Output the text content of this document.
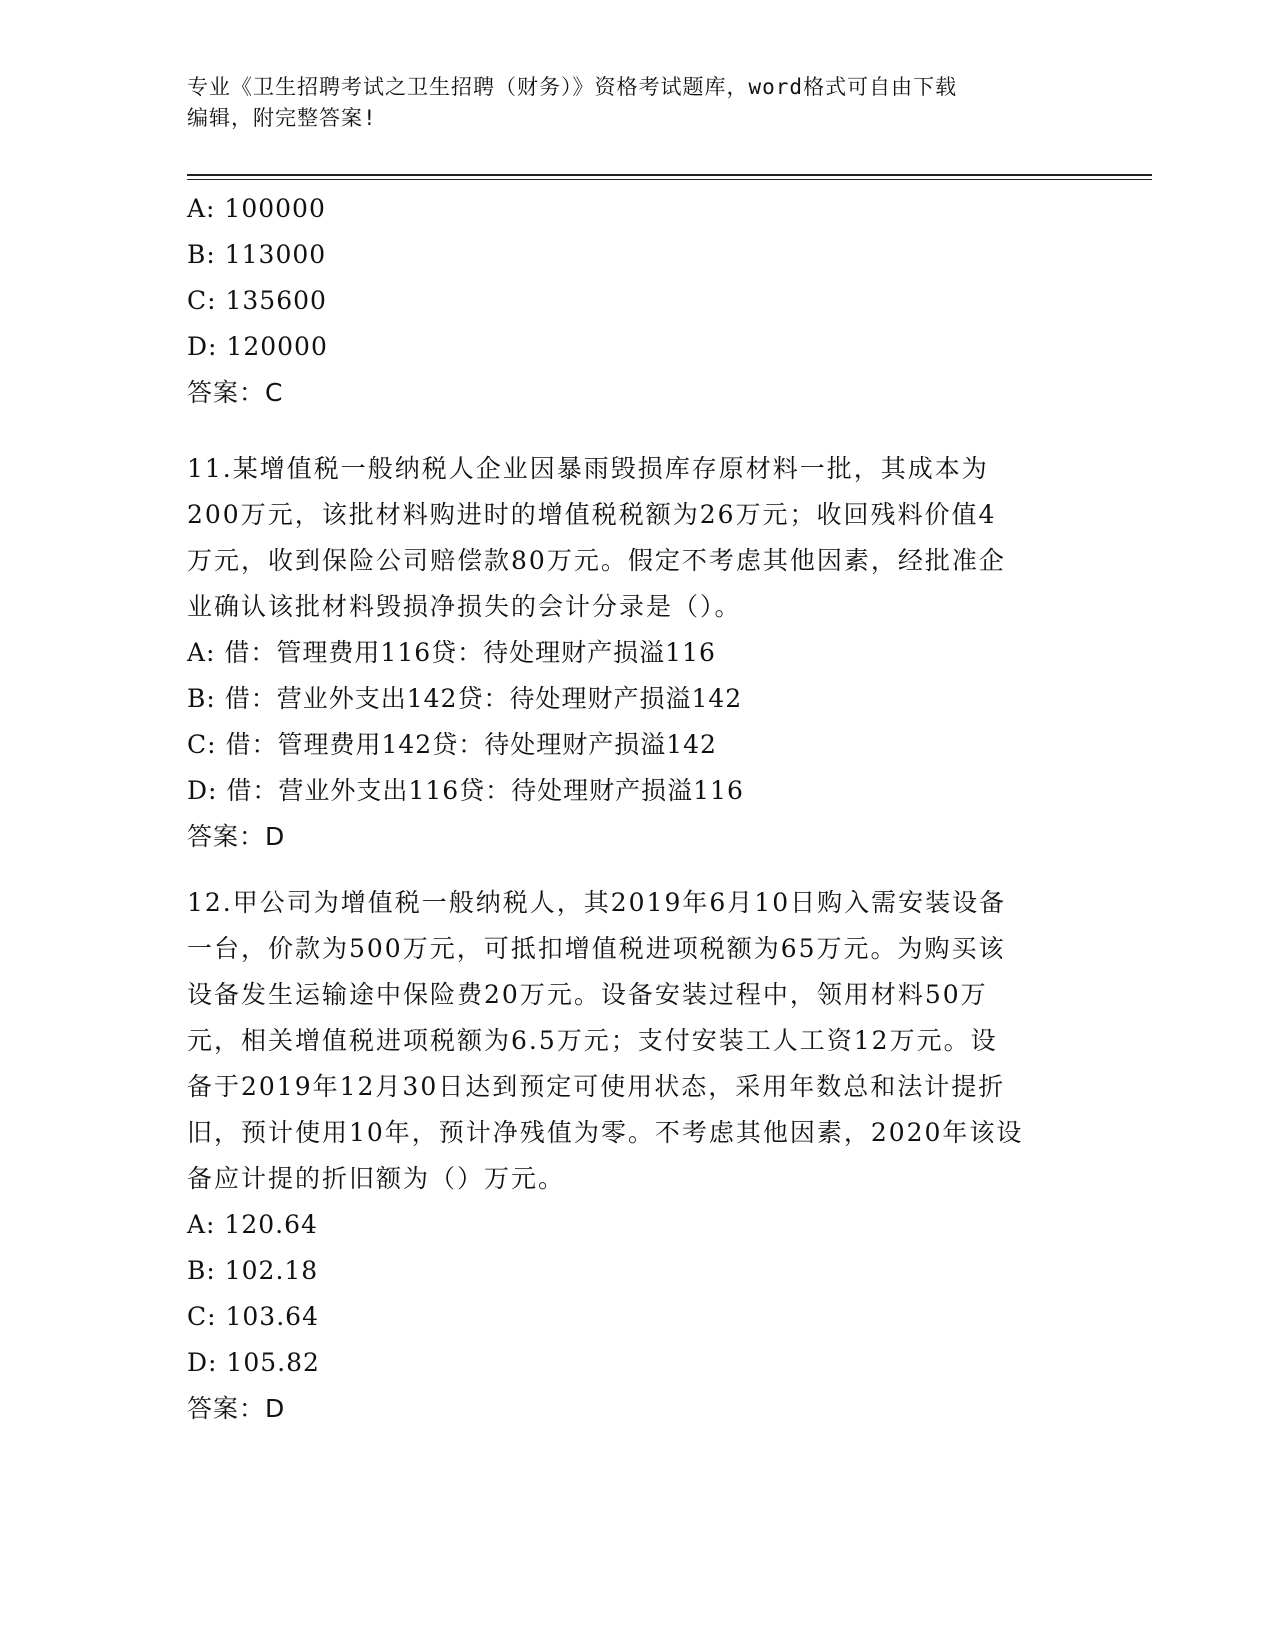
专业《卫生招聘考试之卫生招聘（财务）》资格考试题库，word格式可自由下载
编辑，附完整答案!
A: 100000
B: 113000
C: 135600
D: 120000
答案：C
11.某增值税一般纳税人企业因暴雨毁损库存原材料一批，其成本为
200万元，该批材料购进时的增值税税额为26万元；收回残料价值4
万元，收到保险公司赔偿款80万元。假定不考虑其他因素，经批准企
业确认该批材料毁损净损失的会计分录是（）。
A: 借：管理费用116贷：待处理财产损溢116
B: 借：营业外支出142贷：待处理财产损溢142
C: 借：管理费用142贷：待处理财产损溢142
D: 借：营业外支出116贷：待处理财产损溢116
答案：D
12.甲公司为增值税一般纳税人，其2019年6月10日购入需安装设备
一台，价款为500万元，可抵扣增值税进项税额为65万元。为购买该
设备发生运输途中保险费20万元。设备安装过程中，领用材料50万
元，相关增值税进项税额为6.5万元；支付安装工人工资12万元。设
备于2019年12月30日达到预定可使用状态，采用年数总和法计提折
旧，预计使用10年，预计净残值为零。不考虑其他因素，2020年该设
备应计提的折旧额为（）万元。
A: 120.64
B: 102.18
C: 103.64
D: 105.82
答案：D
